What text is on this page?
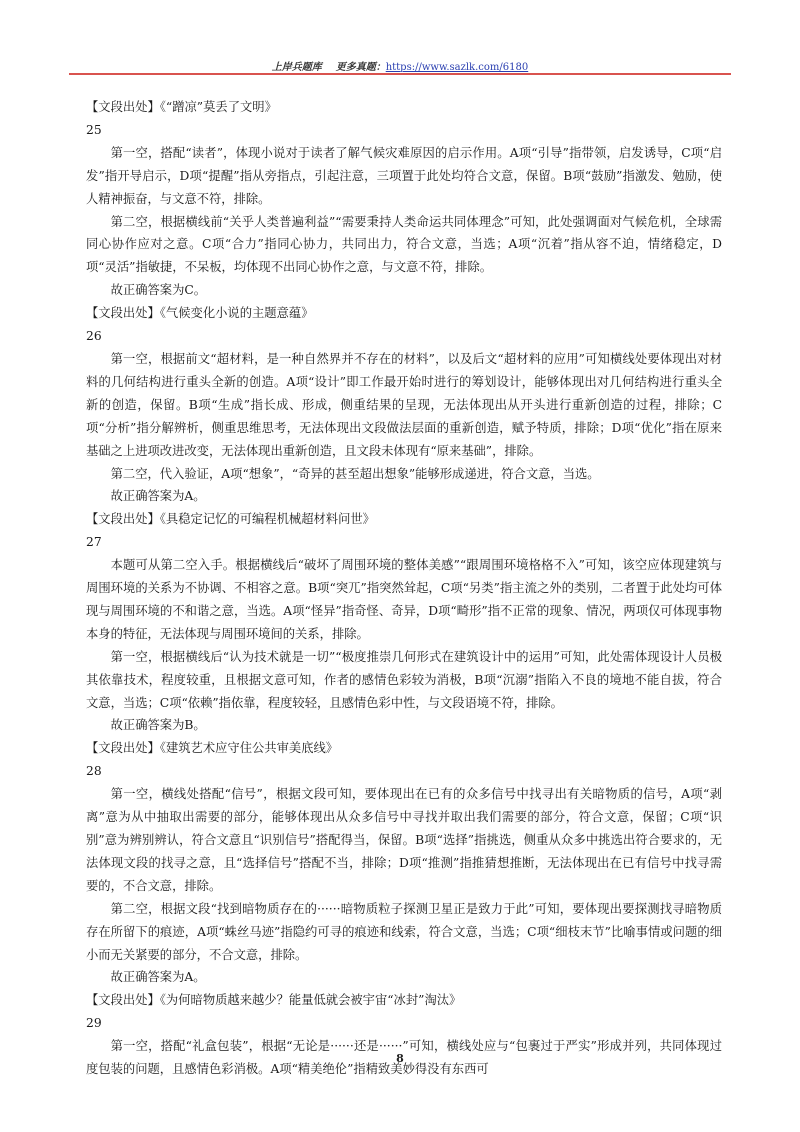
上岸兵题库 更多真题：https://www.sazlk.com/6180

【文段出处】《“蹭凉”莫丢了文明》

25

第一空，搭配“读者”，体现小说对于读者了解气候灾难原因的启示作用。A项“引导”指带领，启发诱导，C项“启发”指开导启示，D项“提醒”指从旁指点，引起注意，三项置于此处均符合文意，保留。B项“鼓励”指激发、勉励，使人精神振奋，与文意不符，排除。

第二空，根据横线前“关乎人类普遍利益”“需要秉持人类命运共同体理念”可知，此处强调面对气候危机，全球需同心协作应对之意。C项“合力”指同心协力，共同出力，符合文意，当选；A项“沉着”指从容不迫，情绪稳定，D项“灵活”指敏捷，不呆板，均体现不出同心协作之意，与文意不符，排除。

故正确答案为C。

【文段出处】《气候变化小说的主题意蕴》

26

第一空，根据前文“超材料，是一种自然界并不存在的材料”，以及后文“超材料的应用”可知横线处要体现出对材料的几何结构进行重头全新的创造。A项“设计”即工作最开始时进行的筹划设计，能够体现出对几何结构进行重头全新的创造，保留。B项“生成”指长成、形成，侧重结果的呈现，无法体现出从开头进行重新创造的过程，排除；C项“分析”指分解辨析，侧重思维思考，无法体现出文段做法层面的重新创造，赋予特质，排除；D项“优化”指在原来基础之上进项改进改变，无法体现出重新创造，且文段未体现有“原来基础”，排除。

第二空，代入验证，A项“想象”，“奇异的甚至超出想象”能够形成递进，符合文意，当选。

故正确答案为A。

【文段出处】《具稳定记忆的可编程机械超材料问世》

27

本题可从第二空入手。根据横线后“破坏了周围环境的整体美感”“跟周围环境格格不入”可知，该空应体现建筑与周围环境的关系为不协调、不相容之意。B项“突兀”指突然耸起，C项“另类”指主流之外的类别，二者置于此处均可体现与周围环境的不和谐之意，当选。A项“怪异”指奇怪、奇异，D项“畸形”指不正常的现象、情况，两项仅可体现事物本身的特征，无法体现与周围环境间的关系，排除。

第一空，根据横线后“认为技术就是一切”“极度推崇几何形式在建筑设计中的运用”可知，此处需体现设计人员极其依靠技术，程度较重，且根据文意可知，作者的感情色彩较为消极，B项“沉溺”指陷入不良的境地不能自拔，符合文意，当选；C项“依赖”指依靠，程度较轻，且感情色彩中性，与文段语境不符，排除。

故正确答案为B。

【文段出处】《建筑艺术应守住公共审美底线》

28

第一空，横线处搭配“信号”，根据文段可知，要体现出在已有的众多信号中找寻出有关暗物质的信号，A项“剥离”意为从中抽取出需要的部分，能够体现出从众多信号中寻找并取出我们需要的部分，符合文意，保留；C项“识别”意为辨别辨认，符合文意且“识别信号”搭配得当，保留。B项“选择”指挑选，侧重从众多中挑选出符合要求的，无法体现文段的找寻之意，且“选择信号”搭配不当，排除；D项“推测”指推猜想推断，无法体现出在已有信号中找寻需要的，不合文意，排除。

第二空，根据文段“找到暗物质存在的······暗物质粒子探测卫星正是致力于此”可知，要体现出要探测找寻暗物质存在所留下的痕迹，A项“蛛丝马迹”指隐约可寻的痕迹和线索，符合文意，当选；C项“细枝末节”比喻事情或问题的细小而无关紧要的部分，不合文意，排除。

故正确答案为A。

【文段出处】《为何暗物质越来越少？能量低就会被宇宙“冰封”淘汰》

29

第一空，搭配“礼盒包装”，根据“无论是······还是······”可知，横线处应与“包裹过于严实”形成并列，共同体现过度包装的问题，且感情色彩消极。A项“精美绝伦”指精致美妙得没有东西可

8
